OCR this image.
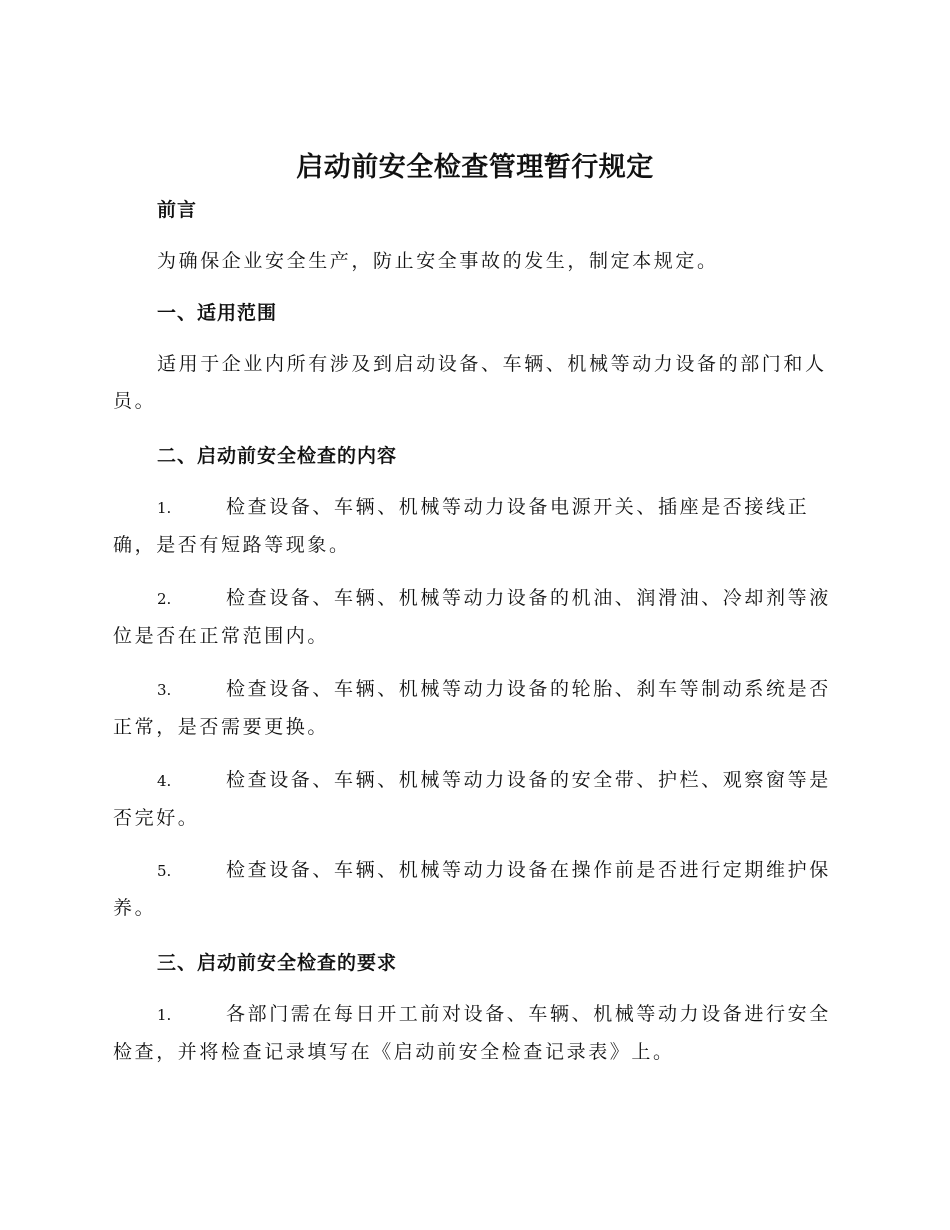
启动前安全检查管理暂行规定
前言

为确保企业安全生产，防止安全事故的发生，制定本规定。

一、适用范围

适用于企业内所有涉及到启动设备、车辆、机械等动力设备的部门和人员。

二、启动前安全检查的内容

1.	检查设备、车辆、机械等动力设备电源开关、插座是否接线正确，是否有短路等现象。

2.	检查设备、车辆、机械等动力设备的机油、润滑油、冷却剂等液位是否在正常范围内。

3.	检查设备、车辆、机械等动力设备的轮胎、刹车等制动系统是否正常，是否需要更换。

4.	检查设备、车辆、机械等动力设备的安全带、护栏、观察窗等是否完好。

5.	检查设备、车辆、机械等动力设备在操作前是否进行定期维护保养。

三、启动前安全检查的要求

1.	各部门需在每日开工前对设备、车辆、机械等动力设备进行安全检查，并将检查记录填写在《启动前安全检查记录表》上。
